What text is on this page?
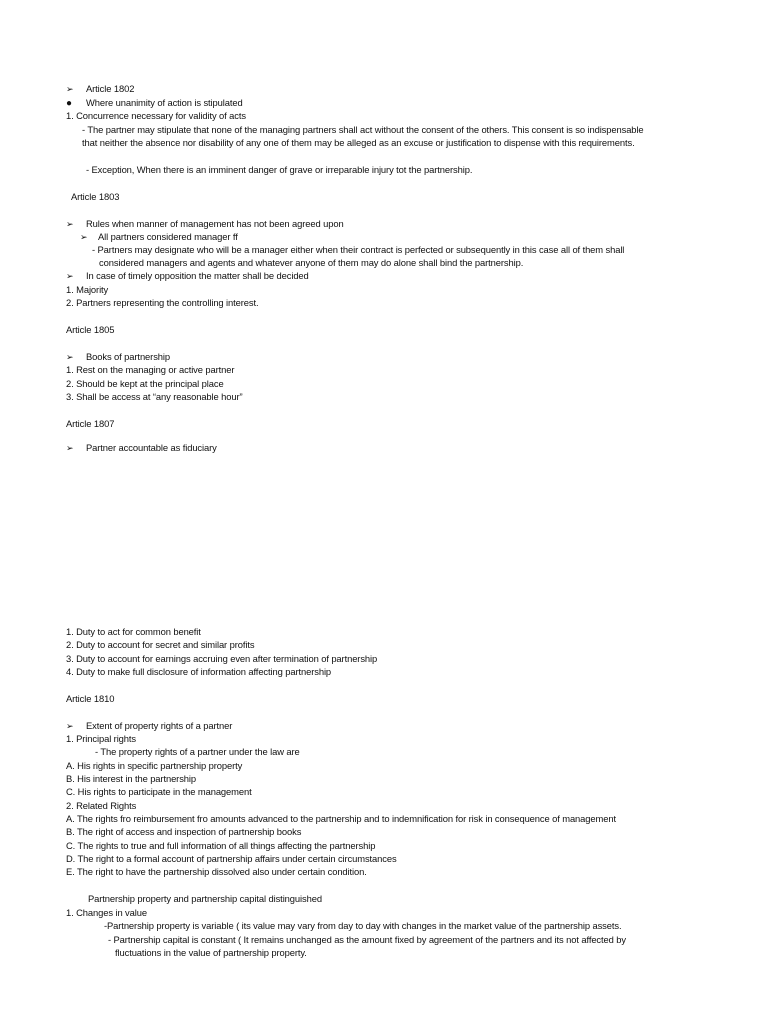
➢ Article 1802
● Where unanimity of action is stipulated
1. Concurrence necessary for validity of acts
- The partner may stipulate that none of the managing partners shall act without the consent of the others. This consent is so indispensable
that neither the absence nor disability of any one of them may be alleged as an excuse or justification to dispense with this requirements.
- Exception, When there is an imminent danger of grave or irreparable injury tot the partnership.
Article 1803
➢ Rules when manner of management has not been agreed upon
➢ All partners considered manager ff
- Partners may designate who will be a manager either when their contract is perfected or subsequently in this case all of them shall
considered managers and agents and whatever anyone of them may do alone shall bind the partnership.
➢ In case of timely opposition the matter shall be decided
1. Majority
2. Partners representing the controlling interest.
Article 1805
➢ Books of partnership
1. Rest on the managing or active partner
2. Should be kept at the principal place
3. Shall be access at “any reasonable hour”
Article 1807
➢ Partner accountable as fiduciary
1. Duty to act for common benefit
2. Duty to account for secret and similar profits
3. Duty to account for earnings accruing even after termination of partnership
4. Duty to make full disclosure of information affecting partnership
Article 1810
➢ Extent of property rights of a partner
1. Principal rights
- The property rights of a partner under the law are
A. His rights in specific partnership property
B. His interest in the partnership
C. His rights to participate in the management
2. Related Rights
A. The rights fro reimbursement fro amounts advanced to the partnership and to indemnification for risk in consequence of management
B. The right of access and inspection of partnership books
C. The rights to true and full information of all things affecting the partnership
D. The right to a formal account of partnership affairs under certain circumstances
E. The right to have the partnership dissolved also under certain condition.
Partnership property and partnership capital distinguished
1. Changes in value
-Partnership property is variable ( its value may vary from day to day with changes in the market value of the partnership assets.
- Partnership capital is constant ( It remains unchanged as the amount fixed by agreement of the partners and its not affected by
fluctuations in the value of partnership property.
